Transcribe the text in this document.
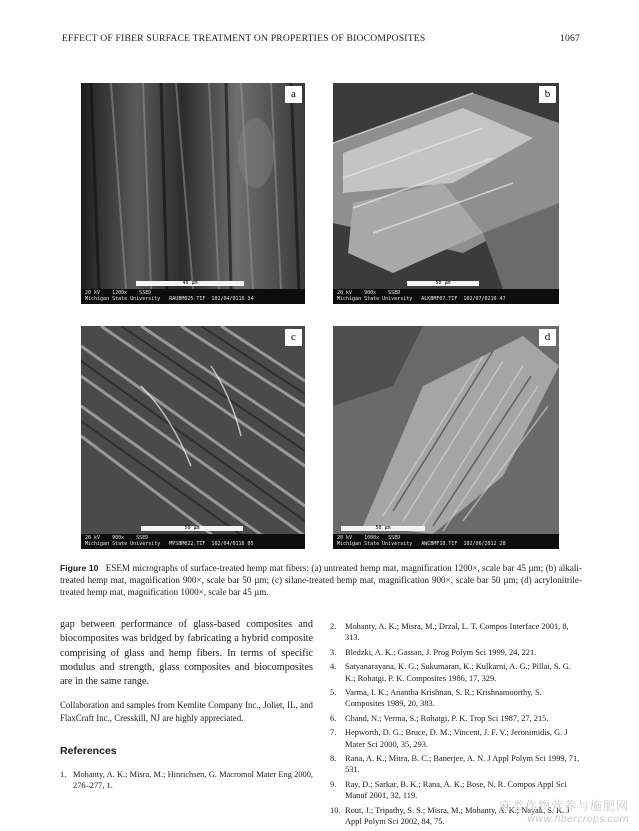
EFFECT OF FIBER SURFACE TREATMENT ON PROPERTIES OF BIOCOMPOSITES	1067
a
40 µm
20 kV    1200x    SSED
Michigan State University   RAUBM025.TIF  102/04/0116 34
b
50 µm
20 kV    900x    SSED
Michigan State University   ALKBMF07.TIF  102/07/0210 47
c
50 µm
20 kV    900x    SSED
Michigan State University   MPSBM022.TIF  102/04/0116 05
d
50 µm
20 kV    1000x   SSED
Michigan State University   AWCBMF10.TIF  102/06/2012 28
Figure 10 ESEM micrographs of surface-treated hemp mat fibers: (a) untreated hemp mat, magnification 1200×, scale bar 45 µm; (b) alkali-treated hemp mat, magnification 900×, scale bar 50 µm; (c) silane-treated hemp mat, magnification 900×, scale bar 50 µm; (d) acrylonitrile-treated hemp mat, magnification 1000×, scale bar 45 µm.

gap between performance of glass-based composites and biocomposites was bridged by fabricating a hybrid composite comprising of glass and hemp fibers. In terms of specific modulus and strength, glass composites and biocomposites are in the same range.

Collaboration and samples from Kemlite Company Inc., Joliet, IL, and FlaxCraft Inc., Cresskill, NJ are highly appreciated.

References
1. Mohanty, A. K.; Misra, M.; Hinrichsen, G. Macromol Mater Eng 2000, 276–277, 1.
2. Mohanty, A. K.; Misra, M.; Drzal, L. T. Compos Interface 2001, 8, 313.
3. Bledzki, A. K.; Gassan, J. Prog Polym Sci 1999, 24, 221.
4. Satyanarayana, K. G.; Sukumaran, K.; Kulkarni, A. G.; Pillai, S. G. K.; Rohatgi, P. K. Composites 1986, 17, 329.
5. Varma, I. K.; Anantha Krishnan, S. R.; Krishnamoorthy, S. Composites 1989, 20, 383.
6. Chand, N.; Verma, S.; Rohatgi, P. K. Trop Sci 1987, 27, 215.
7. Hepworth, D. G.; Bruce, D. M.; Vincent, J. F. V.; Jeronimidis, G. J Mater Sci 2000, 35, 293.
8. Rana, A. K.; Mitra, B. C.; Banerjee, A. N. J Appl Polym Sci 1999, 71, 531.
9. Ray, D.; Sarkar, B. K.; Rana, A. K.; Bose, N. R. Compos Appl Sci Manuf 2001, 32, 119.
10. Rout, J.; Tripathy, S. S.; Misra, M.; Mohanty, A. K.; Nayak, S. K. J Appl Polym Sci 2002, 84, 75.
麻类作物营养与施肥网
www.fibercrops.com
